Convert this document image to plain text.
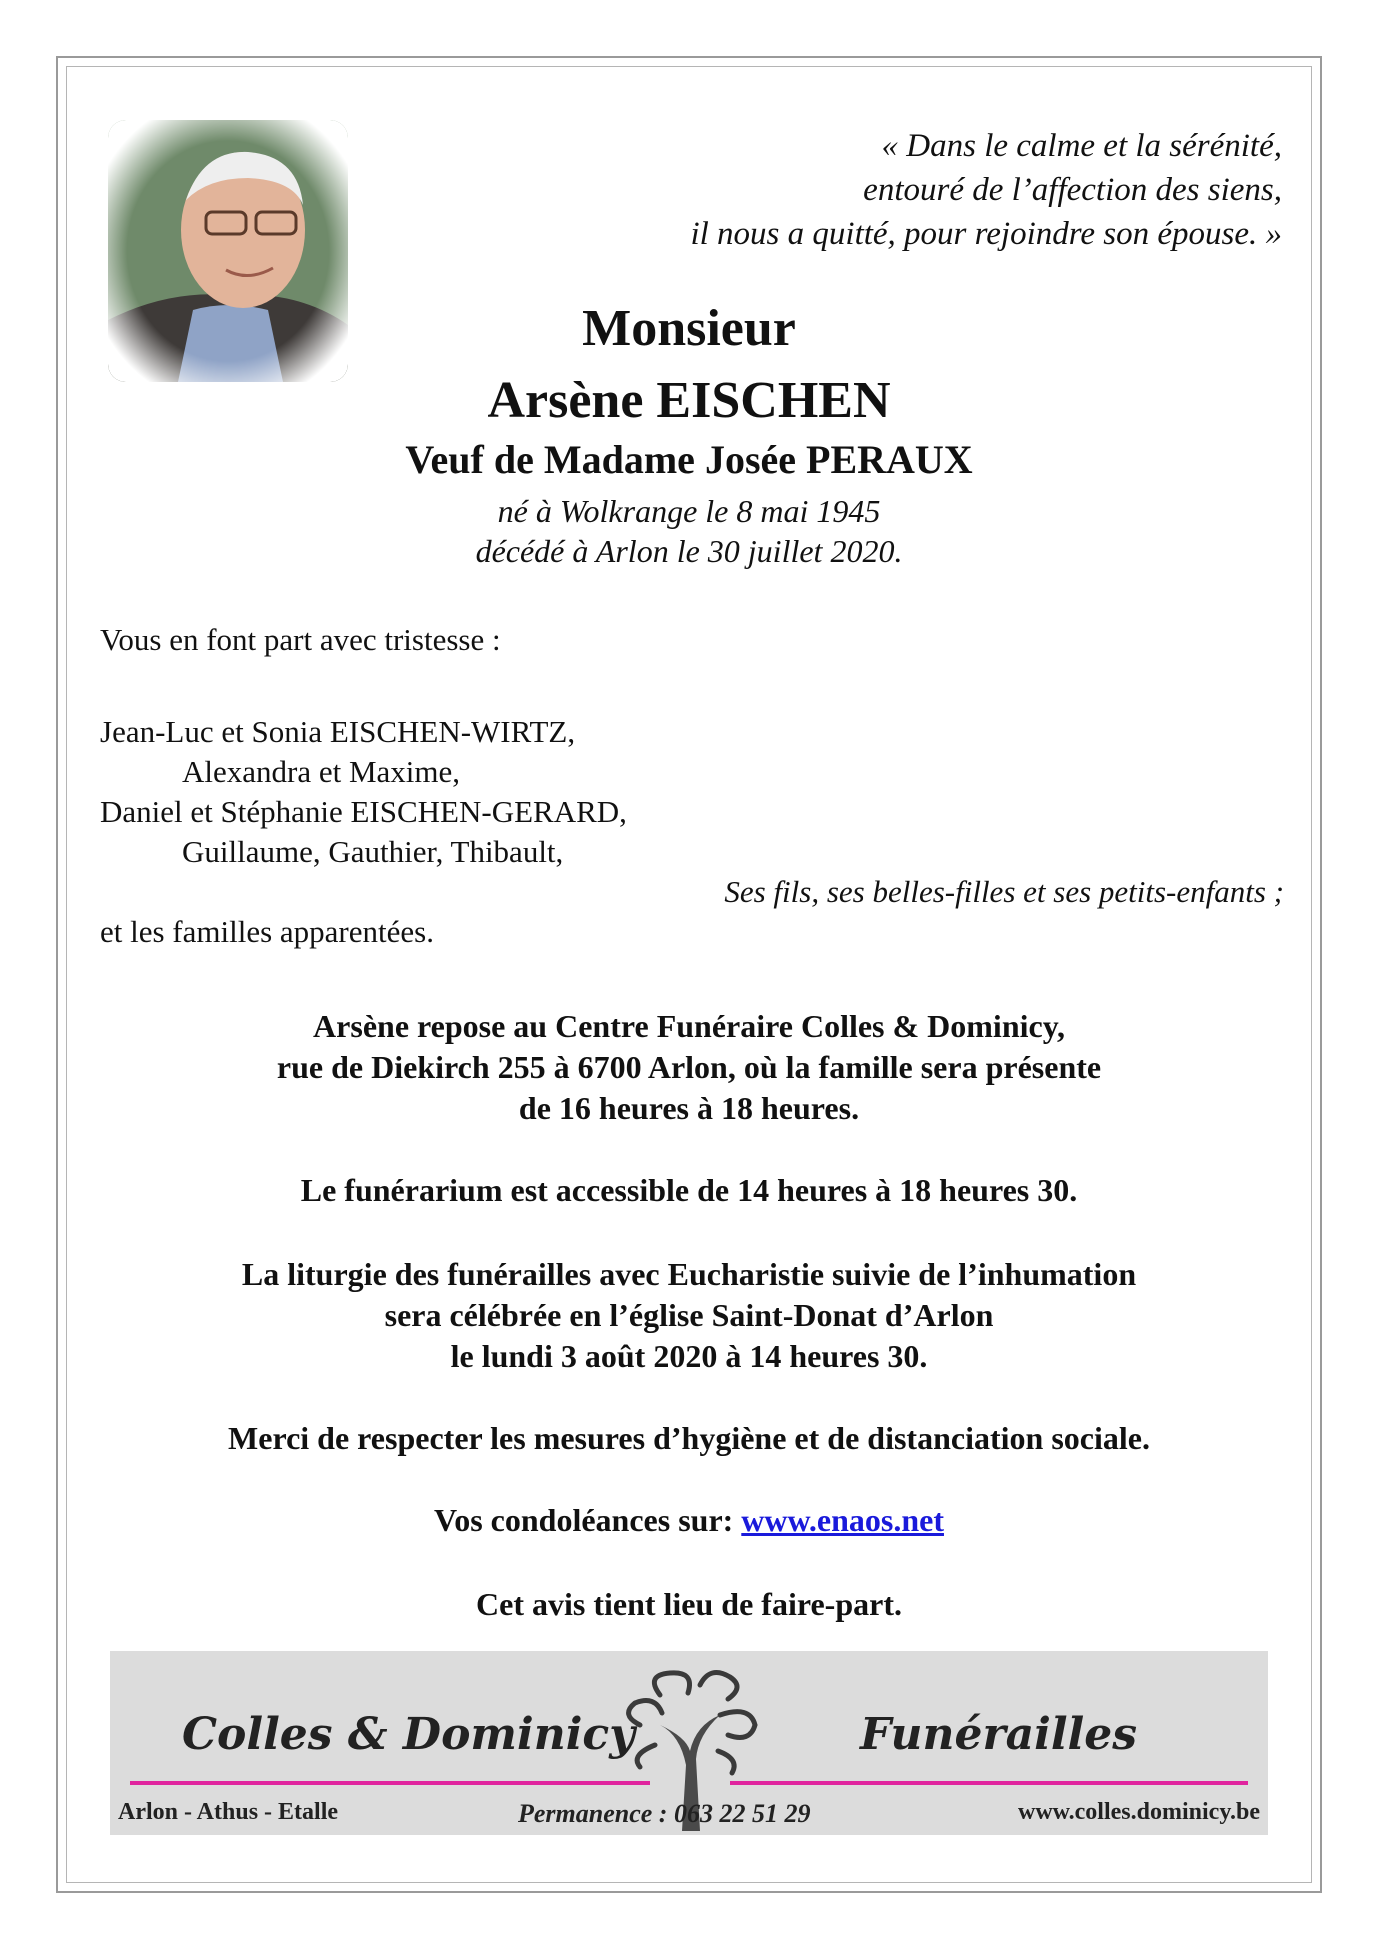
« Dans le calme et la sérénité,
entouré de l’affection des siens,
il nous a quitté, pour rejoindre son épouse. »
Monsieur
Arsène EISCHEN
Veuf de Madame Josée PERAUX
né à Wolkrange le 8 mai 1945
décédé à Arlon le 30 juillet 2020.
Vous en font part avec tristesse :
Jean-Luc et Sonia EISCHEN-WIRTZ,
Alexandra et Maxime,
Daniel et Stéphanie EISCHEN-GERARD,
Guillaume, Gauthier, Thibault,
Ses fils, ses belles-filles et ses petits-enfants ;
et les familles apparentées.
Arsène repose au Centre Funéraire Colles & Dominicy,
rue de Diekirch 255 à 6700 Arlon, où la famille sera présente
de 16 heures à 18 heures.
Le funérarium est accessible de 14 heures à 18 heures 30.
La liturgie des funérailles avec Eucharistie suivie de l’inhumation
sera célébrée en l’église Saint-Donat d’Arlon
le lundi 3 août 2020 à 14 heures 30.
Merci de respecter les mesures d’hygiène et de distanciation sociale.
Vos condoléances sur: www.enaos.net
Cet avis tient lieu de faire-part.
Colles & Dominicy	Funérailles
Arlon - Athus - Etalle	Permanence : 063 22 51 29	www.colles.dominicy.be
